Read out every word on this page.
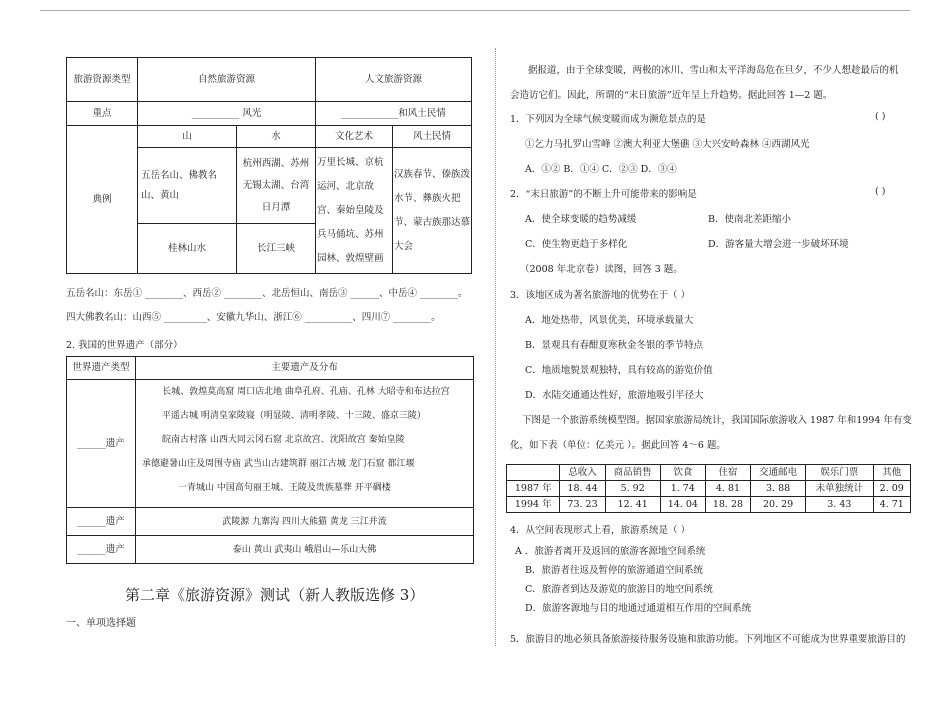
旅游资源类型	自然旅游资源		人文旅游资源	
重点	__________ 风光		____________和风土民情	
典例	山	水	文化艺术	风土民情
	五岳名山、佛教名山、黄山	杭州西湖、苏州无锡太湖、台湾日月潭	万里长城、京杭运河、北京故宫、秦始皇陵及兵马俑坑、苏州园林、敦煌壁画	汉族春节、傣族泼水节、彝族火把节、蒙古族那达慕大会
	桂林山水	长江三峡		
五岳名山：东岳① ________、西岳② ________、北岳恒山、南岳③ ______、中岳④ ________。
四大佛教名山：山西⑤ _________、安徽九华山、浙江⑥ __________、四川⑦ ________。
2. 我国的世界遗产（部分）
世界遗产类型	主要遗产及分布
______遗产	长城、敦煌莫高窟 周口店北地 曲阜孔府、孔庙、孔林 大昭寺和布达拉宫
平遥古城 明清皇家陵寝（明显陵、清明孝陵、十三陵、盛京三陵）
皖南古村落 山西大同云冈石窟 北京故宫、沈阳故宫 秦始皇陵
承德避暑山庄及周围寺庙 武当山古建筑群 丽江古城 龙门石窟 都江堰
一青城山 中国高句丽王城、王陵及贵族墓葬 开平碉楼

______遗产	武陵源 九寨沟 四川大熊猫 黄龙 三江并流
______遗产	泰山 黄山 武夷山 峨眉山—乐山大佛
第二章《旅游资源》测试（新人教版选修 3）
一、单项选择题
据报道，由于全球变暖，两极的冰川、雪山和太平洋海岛危在旦夕，不少人想趁最后的机
会造访它们。因此，所谓的“末日旅游”近年呈上升趋势。据此回答 1—2 题。
1．下列因为全球气候变暖而成为濒危景点的是	( )
①乞力马扎罗山雪峰 ②澳大利亚大堡礁 ③大兴安岭森林 ④西湖风光
A．①② B．①④ C．②③ D．③④
2．“末日旅游”的不断上升可能带来的影响是	( )
A．使全球变暖的趋势减缓	B．使南北差距缩小
C．使生物更趋于多样化	D．游客量大增会进一步破坏环境
（2008 年北京卷）读图，回答 3 题。
3．该地区成为著名旅游地的优势在于（ ）
A．地处热带，风景优美，环境承载量大
B．景观具有春酣夏寒秋金冬银的季节特点
C．地质地貌景观独特，具有较高的游览价值
D．水陆交通通达性好，旅游地吸引半径大
下图是一个旅游系统模型图。据国家旅游局统计，我国国际旅游收入 1987 年和1994 年有变
化，如下表（单位：亿美元 ）。据此回答 4～6 题。
	总收入	商品销售	饮食	住宿	交通邮电	娱乐门票	其他
1987 年	18. 44	5. 92	1. 74	4. 81	3. 88	未单独统计	2. 09
1994 年	73. 23	12. 41	14. 04	18. 28	20. 29	3. 43	4. 71
4．从空间表现形式上看，旅游系统是（ ）
A ．旅游者离开及返回的旅游客源地空间系统
B．旅游者往返及暂停的旅游通道空间系统
C．旅游者到达及游览的旅游目的地空间系统
D．旅游客源地与目的地通过通道相互作用的空间系统
5．旅游目的地必须具备旅游接待服务设施和旅游功能。下列地区不可能成为世界重要旅游目的
